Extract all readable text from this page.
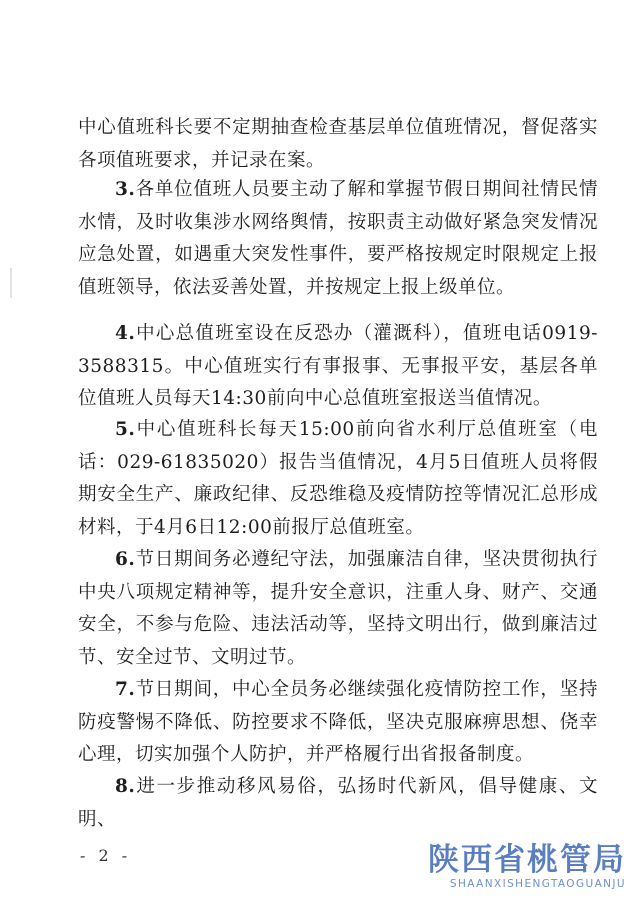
中心值班科长要不定期抽查检查基层单位值班情况，督促落实各项值班要求，并记录在案。

3.各单位值班人员要主动了解和掌握节假日期间社情民情水情，及时收集涉水网络舆情，按职责主动做好紧急突发情况应急处置，如遇重大突发性事件，要严格按规定时限规定上报值班领导，依法妥善处置，并按规定上报上级单位。

4.中心总值班室设在反恐办（灌溉科），值班电话0919-3588315。中心值班实行有事报事、无事报平安，基层各单位值班人员每天14:30前向中心总值班室报送当值情况。

5.中心值班科长每天15:00前向省水利厅总值班室（电话：029-61835020）报告当值情况，4月5日值班人员将假期安全生产、廉政纪律、反恐维稳及疫情防控等情况汇总形成材料，于4月6日12:00前报厅总值班室。

6.节日期间务必遵纪守法，加强廉洁自律，坚决贯彻执行中央八项规定精神等，提升安全意识，注重人身、财产、交通安全，不参与危险、违法活动等，坚持文明出行，做到廉洁过节、安全过节、文明过节。

7.节日期间，中心全员务必继续强化疫情防控工作，坚持防疫警惕不降低、防控要求不降低，坚决克服麻痹思想、侥幸心理，切实加强个人防护，并严格履行出省报备制度。

8.进一步推动移风易俗，弘扬时代新风，倡导健康、文明、

- 2 -	陕西省桃管局
SHAANXISHENGTAOGUANJU
